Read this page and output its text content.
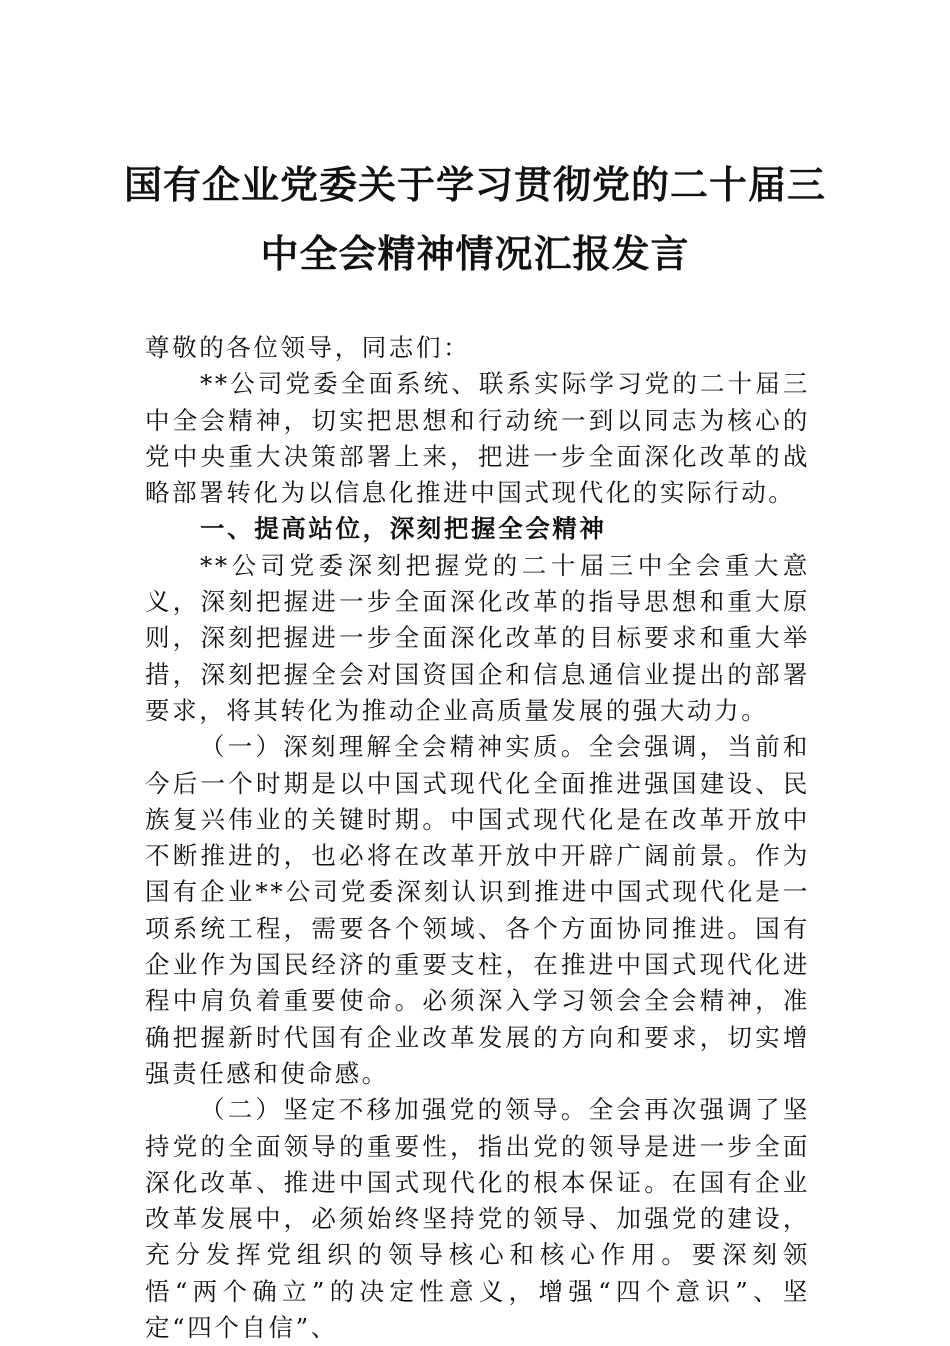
国有企业党委关于学习贯彻党的二十届三
中全会精神情况汇报发言

尊敬的各位领导，同志们：

**公司党委全面系统、联系实际学习党的二十届三中全会精神，切实把思想和行动统一到以同志为核心的党中央重大决策部署上来，把进一步全面深化改革的战略部署转化为以信息化推进中国式现代化的实际行动。

一、提高站位，深刻把握全会精神

**公司党委深刻把握党的二十届三中全会重大意义，深刻把握进一步全面深化改革的指导思想和重大原则，深刻把握进一步全面深化改革的目标要求和重大举措，深刻把握全会对国资国企和信息通信业提出的部署要求，将其转化为推动企业高质量发展的强大动力。

（一）深刻理解全会精神实质。全会强调，当前和今后一个时期是以中国式现代化全面推进强国建设、民族复兴伟业的关键时期。中国式现代化是在改革开放中不断推进的，也必将在改革开放中开辟广阔前景。作为国有企业**公司党委深刻认识到推进中国式现代化是一项系统工程，需要各个领域、各个方面协同推进。国有企业作为国民经济的重要支柱，在推进中国式现代化进程中肩负着重要使命。必须深入学习领会全会精神，准确把握新时代国有企业改革发展的方向和要求，切实增强责任感和使命感。

（二）坚定不移加强党的领导。全会再次强调了坚持党的全面领导的重要性，指出党的领导是进一步全面深化改革、推进中国式现代化的根本保证。在国有企业改革发展中，必须始终坚持党的领导、加强党的建设，充分发挥党组织的领导核心和核心作用。要深刻领悟“两个确立”的决定性意义，增强“四个意识”、坚定“四个自信”、
